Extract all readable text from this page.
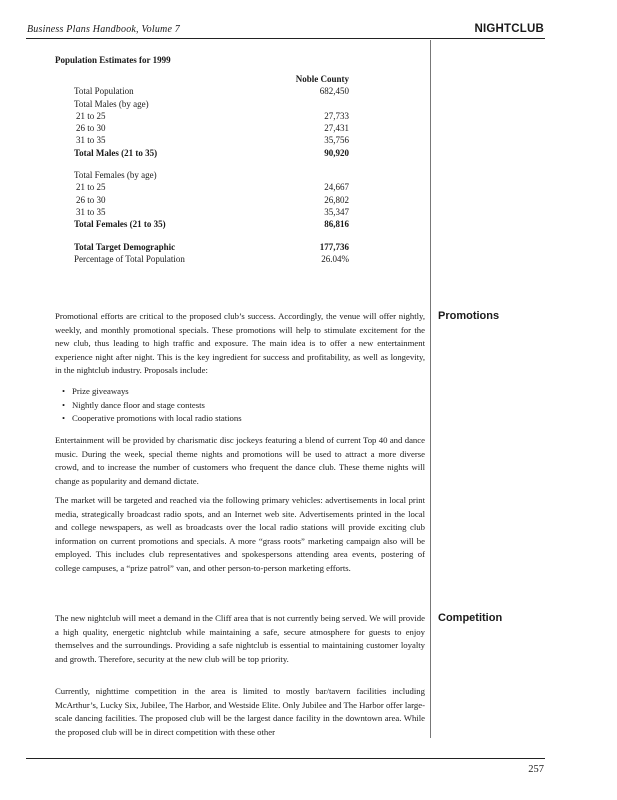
Business Plans Handbook, Volume 7	NIGHTCLUB
Population Estimates for 1999
Noble County
Total Population	682,450
Total Males (by age)
21 to 25	27,733
26 to 30	27,431
31 to 35	35,756
Total Males (21 to 35)	90,920
Total Females (by age)
21 to 25	24,667
26 to 30	26,802
31 to 35	35,347
Total Females (21 to 35)	86,816
Total Target Demographic	177,736
Percentage of Total Population	26.04%
Promotions

Promotional efforts are critical to the proposed club’s success. Accordingly, the venue will offer nightly, weekly, and monthly promotional specials. These promotions will help to stimulate excitement for the new club, thus leading to high traffic and exposure. The main idea is to offer a new entertainment experience night after night. This is the key ingredient for success and profitability, as well as longevity, in the nightclub industry. Proposals include:

• Prize giveaways
• Nightly dance floor and stage contests
• Cooperative promotions with local radio stations

Entertainment will be provided by charismatic disc jockeys featuring a blend of current Top 40 and dance music. During the week, special theme nights and promotions will be used to attract a more diverse crowd, and to increase the number of customers who frequent the dance club. These theme nights will change as popularity and demand dictate.

The market will be targeted and reached via the following primary vehicles: advertisements in local print media, strategically broadcast radio spots, and an Internet web site. Advertisements printed in the local and college newspapers, as well as broadcasts over the local radio stations will provide exciting club information on current promotions and specials. A more “grass roots” marketing campaign also will be employed. This includes club representatives and spokespersons attending area events, postering of college campuses, a “prize patrol” van, and other person-to-person marketing efforts.

Competition

The new nightclub will meet a demand in the Cliff area that is not currently being served. We will provide a high quality, energetic nightclub while maintaining a safe, secure atmosphere for guests to enjoy themselves and the surroundings. Providing a safe nightclub is essential to maintaining customer loyalty and growth. Therefore, security at the new club will be top priority.

Currently, nighttime competition in the area is limited to mostly bar/tavern facilities including McArthur’s, Lucky Six, Jubilee, The Harbor, and Westside Elite. Only Jubilee and The Harbor offer large-scale dancing facilities. The proposed club will be the largest dance facility in the downtown area. While the proposed club will be in direct competition with these other

257
